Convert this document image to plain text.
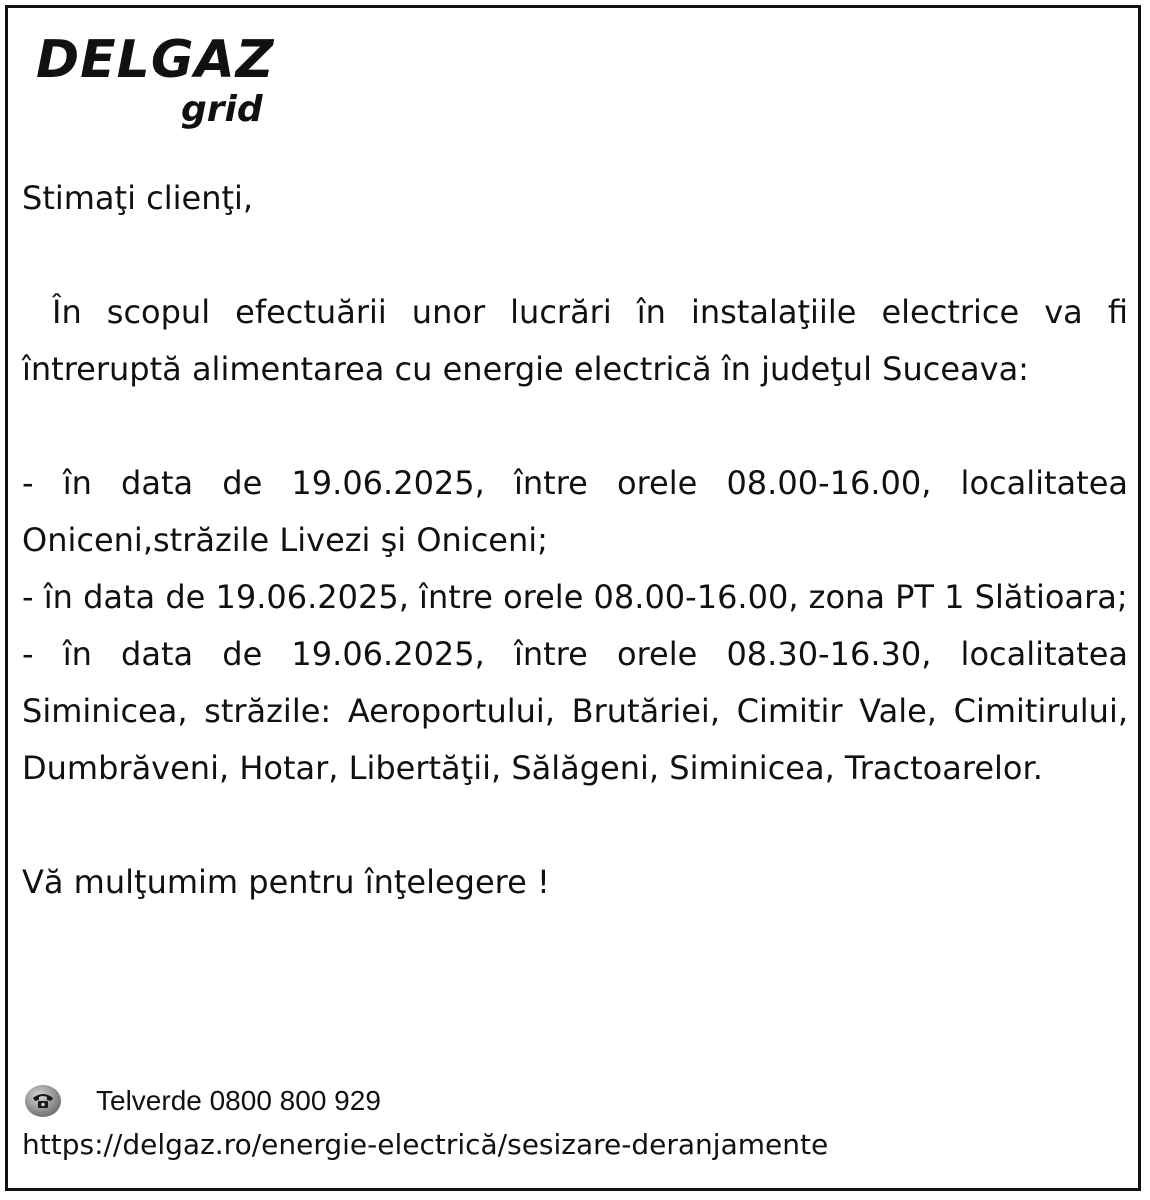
DELGAZ
grid

Stimaţi clienţi,

În scopul efectuării unor lucrări în instalaţiile electrice va fi întreruptă alimentarea cu energie electrică în judeţul Suceava:

- în data de 19.06.2025, între orele 08.00-16.00, localitatea Oniceni,străzile Livezi şi Oniceni;

- în data de 19.06.2025, între orele 08.00-16.00, zona PT 1 Slătioara;

- în data de 19.06.2025, între orele 08.30-16.30, localitatea Siminicea, străzile: Aeroportului, Brutăriei, Cimitir Vale, Cimitirului, Dumbrăveni, Hotar, Libertăţii, Sălăgeni, Siminicea, Tractoarelor.

Vă mulţumim pentru înţelegere !

Telverde 0800 800 929
https://delgaz.ro/energie-electrică/sesizare-deranjamente
